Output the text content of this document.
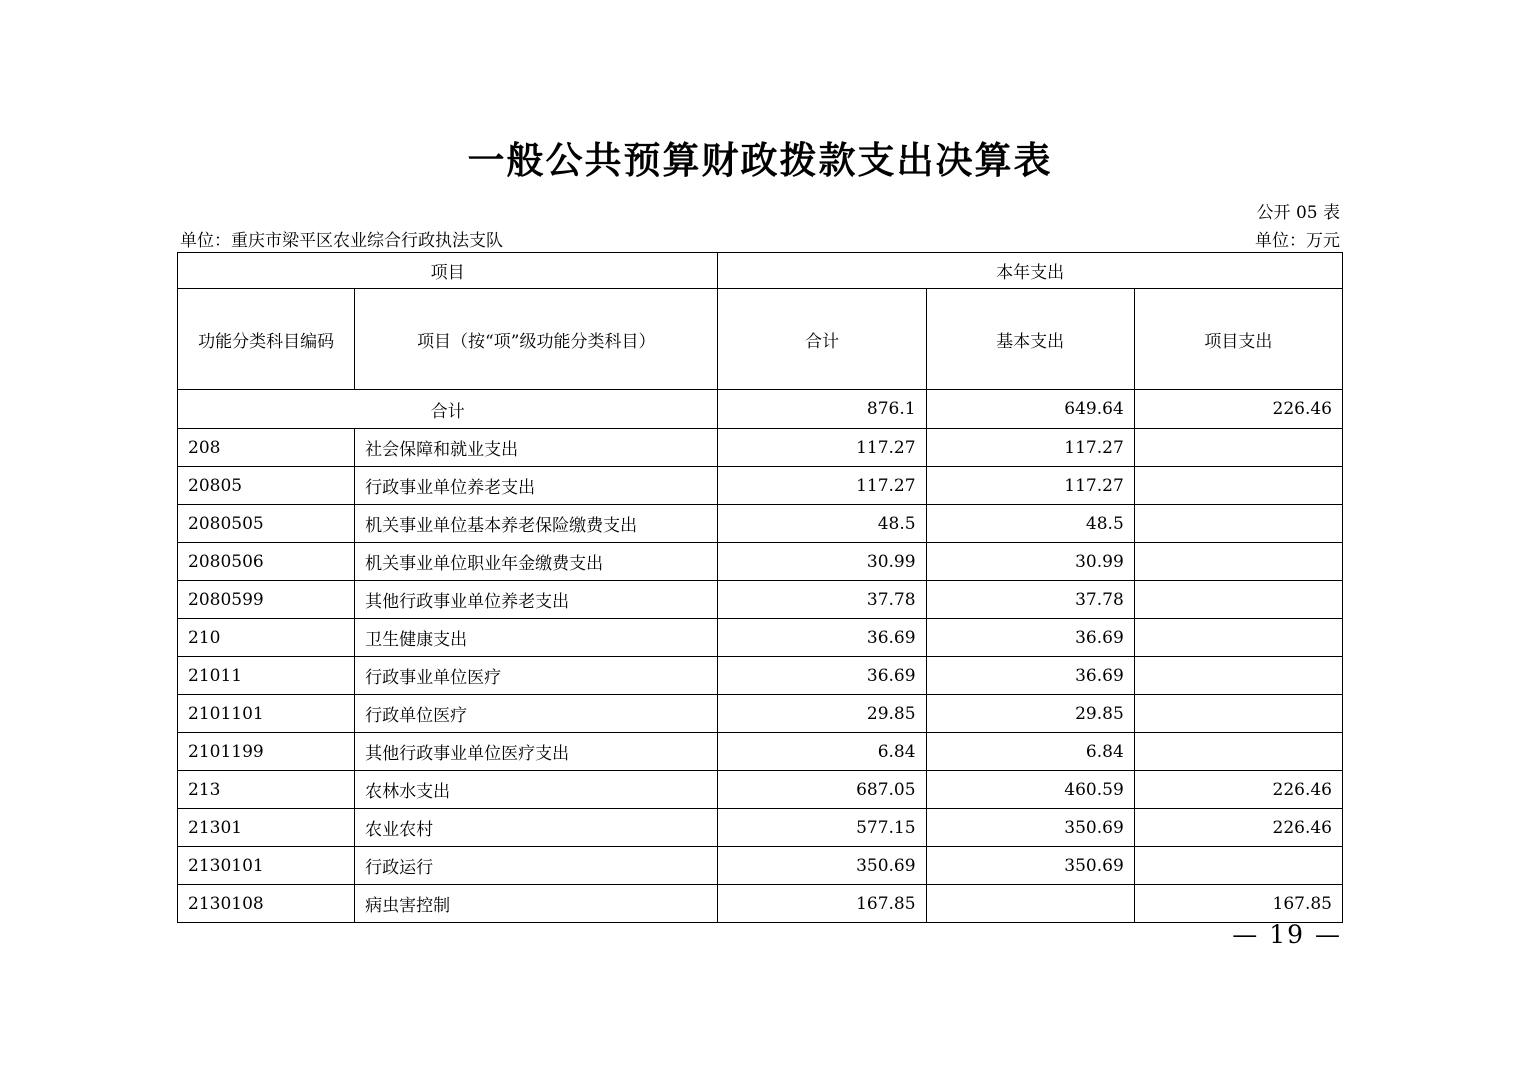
一般公共预算财政拨款支出决算表
公开 05 表
单位：重庆市梁平区农业综合行政执法支队	单位：万元
项目		本年支出		
功能分类科目编码	项目（按“项”级功能分类科目）	合计	基本支出	项目支出
合计		876.1	649.64	226.46
208	社会保障和就业支出	117.27	117.27	
20805	行政事业单位养老支出	117.27	117.27	
2080505	机关事业单位基本养老保险缴费支出	48.5	48.5	
2080506	机关事业单位职业年金缴费支出	30.99	30.99	
2080599	其他行政事业单位养老支出	37.78	37.78	
210	卫生健康支出	36.69	36.69	
21011	行政事业单位医疗	36.69	36.69	
2101101	行政单位医疗	29.85	29.85	
2101199	其他行政事业单位医疗支出	6.84	6.84	
213	农林水支出	687.05	460.59	226.46
21301	农业农村	577.15	350.69	226.46
2130101	行政运行	350.69	350.69	
2130108	病虫害控制	167.85		167.85
— 19 —
